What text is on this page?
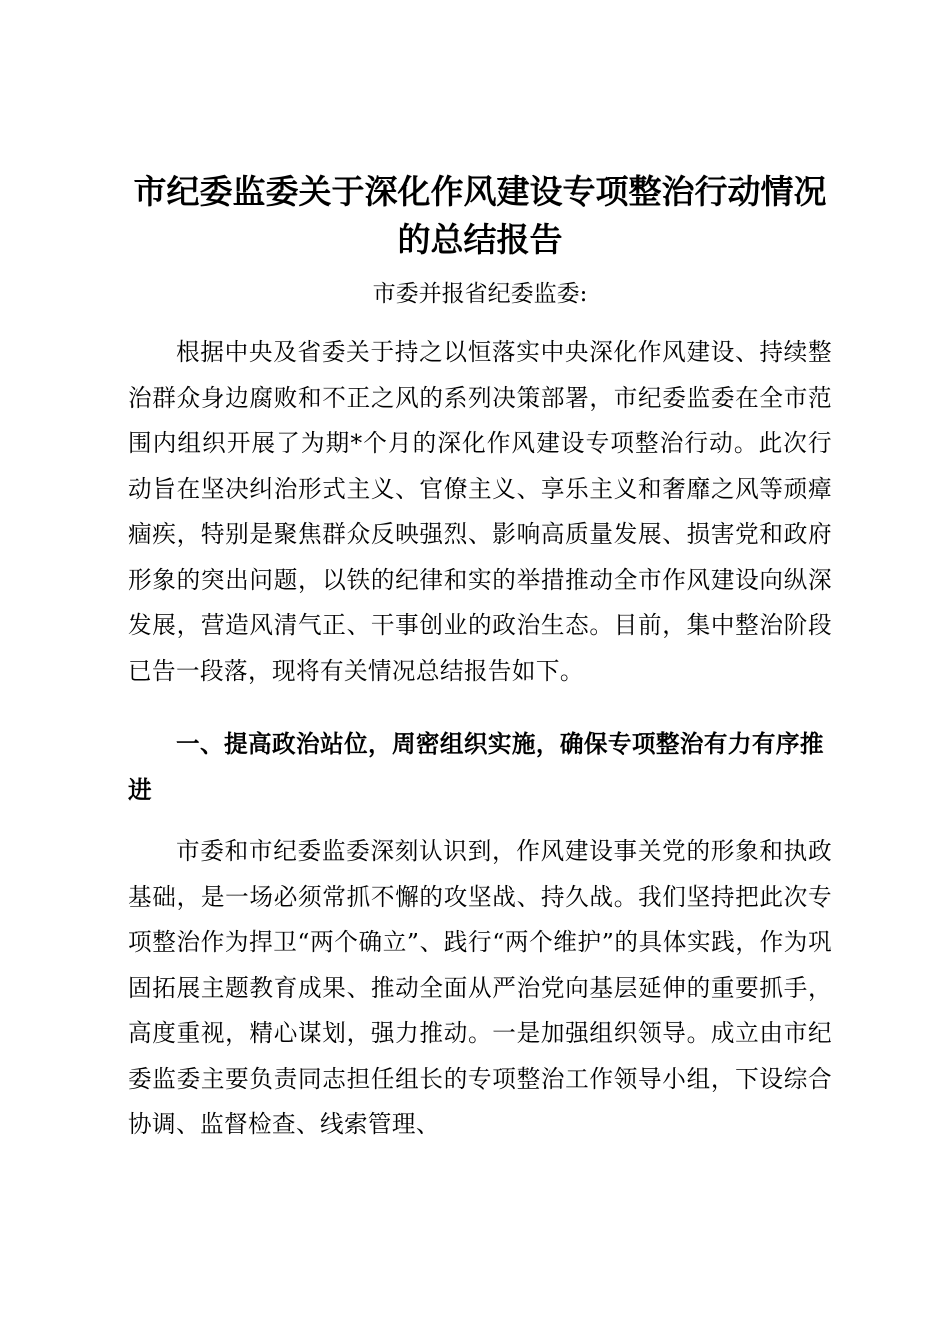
市纪委监委关于深化作风建设专项整治行动情况的总结报告

市委并报省纪委监委:

根据中央及省委关于持之以恒落实中央深化作风建设、持续整治群众身边腐败和不正之风的系列决策部署，市纪委监委在全市范围内组织开展了为期*个月的深化作风建设专项整治行动。此次行动旨在坚决纠治形式主义、官僚主义、享乐主义和奢靡之风等顽瘴痼疾，特别是聚焦群众反映强烈、影响高质量发展、损害党和政府形象的突出问题，以铁的纪律和实的举措推动全市作风建设向纵深发展，营造风清气正、干事创业的政治生态。目前，集中整治阶段已告一段落，现将有关情况总结报告如下。

一、提高政治站位，周密组织实施，确保专项整治有力有序推进

市委和市纪委监委深刻认识到，作风建设事关党的形象和执政基础，是一场必须常抓不懈的攻坚战、持久战。我们坚持把此次专项整治作为捍卫“两个确立”、践行“两个维护”的具体实践，作为巩固拓展主题教育成果、推动全面从严治党向基层延伸的重要抓手，高度重视，精心谋划，强力推动。一是加强组织领导。成立由市纪委监委主要负责同志担任组长的专项整治工作领导小组，下设综合协调、监督检查、线索管理、
